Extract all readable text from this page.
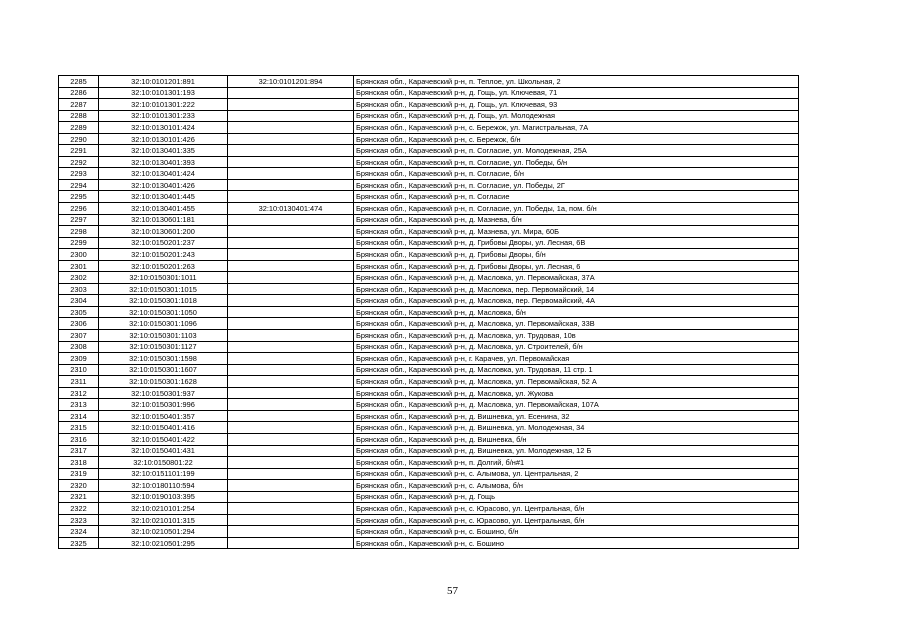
2285	32:10:0101201:891	32:10:0101201:894	Брянская обл., Карачевский р-н, п. Теплое, ул. Школьная, 2
2286	32:10:0101301:193		Брянская обл., Карачевский р-н, д. Гощь, ул. Ключевая, 71
2287	32:10:0101301:222		Брянская обл., Карачевский р-н, д. Гощь, ул. Ключевая, 93
2288	32:10:0101301:233		Брянская обл., Карачевский р-н, д. Гощь, ул. Молодежная
2289	32:10:0130101:424		Брянская обл., Карачевский р-н, с. Бережок, ул. Магистральная, 7А
2290	32:10:0130101:426		Брянская обл., Карачевский р-н, с. Бережок, б/н
2291	32:10:0130401:335		Брянская обл., Карачевский р-н, п. Согласие, ул. Молодежная, 25А
2292	32:10:0130401:393		Брянская обл., Карачевский р-н, п. Согласие, ул. Победы, б/н
2293	32:10:0130401:424		Брянская обл., Карачевский р-н, п. Согласие, б/н
2294	32:10:0130401:426		Брянская обл., Карачевский р-н, п. Согласие, ул. Победы, 2Г
2295	32:10:0130401:445		Брянская обл., Карачевский р-н, п. Согласие
2296	32:10:0130401:455	32:10:0130401:474	Брянская обл., Карачевский р-н, п. Согласие, ул. Победы, 1а, пом. б/н
2297	32:10:0130601:181		Брянская обл., Карачевский р-н, д. Мазнева, б/н
2298	32:10:0130601:200		Брянская обл., Карачевский р-н, д. Мазнева, ул. Мира, 60Б
2299	32:10:0150201:237		Брянская обл., Карачевский р-н, д. Грибовы Дворы, ул. Лесная, 6В
2300	32:10:0150201:243		Брянская обл., Карачевский р-н, д. Грибовы Дворы, б/н
2301	32:10:0150201:263		Брянская обл., Карачевский р-н, д. Грибовы Дворы, ул. Лесная, 6
2302	32:10:0150301:1011		Брянская обл., Карачевский р-н, д. Масловка, ул. Первомайская, 37А
2303	32:10:0150301:1015		Брянская обл., Карачевский р-н, д. Масловка, пер. Первомайский, 14
2304	32:10:0150301:1018		Брянская обл., Карачевский р-н, д. Масловка, пер. Первомайский, 4А
2305	32:10:0150301:1050		Брянская обл., Карачевский р-н, д. Масловка, б/н
2306	32:10:0150301:1096		Брянская обл., Карачевский р-н, д. Масловка, ул. Первомайская, 33В
2307	32:10:0150301:1103		Брянская обл., Карачевский р-н, д. Масловка, ул. Трудовая, 10в
2308	32:10:0150301:1127		Брянская обл., Карачевский р-н, д. Масловка, ул. Строителей, б/н
2309	32:10:0150301:1598		Брянская обл., Карачевский р-н, г. Карачев, ул. Первомайская
2310	32:10:0150301:1607		Брянская обл., Карачевский р-н, д. Масловка, ул. Трудовая, 11 стр. 1
2311	32:10:0150301:1628		Брянская обл., Карачевский р-н, д. Масловка, ул. Первомайская, 52 А
2312	32:10:0150301:937		Брянская обл., Карачевский р-н, д. Масловка, ул. Жукова
2313	32:10:0150301:996		Брянская обл., Карачевский р-н, д. Масловка, ул. Первомайская, 107А
2314	32:10:0150401:357		Брянская обл., Карачевский р-н, д. Вишневка, ул. Есенина, 32
2315	32:10:0150401:416		Брянская обл., Карачевский р-н, д. Вишневка, ул. Молодежная, 34
2316	32:10:0150401:422		Брянская обл., Карачевский р-н, д. Вишневка, б/н
2317	32:10:0150401:431		Брянская обл., Карачевский р-н, д. Вишневка, ул. Молодежная, 12 Б
2318	32:10:0150801:22		Брянская обл., Карачевский р-н, п. Долгий, б/н#1
2319	32:10:0151101:199		Брянская обл., Карачевский р-н, с. Алымова, ул. Центральная, 2
2320	32:10:0180110:594		Брянская обл., Карачевский р-н, с. Алымова, б/н
2321	32:10:0190103:395		Брянская обл., Карачевский р-н, д. Гощь
2322	32:10:0210101:254		Брянская обл., Карачевский р-н, с. Юрасово, ул. Центральная, б/н
2323	32:10:0210101:315		Брянская обл., Карачевский р-н, с. Юрасово, ул. Центральная, б/н
2324	32:10:0210501:294		Брянская обл., Карачевский р-н, с. Бошино, б/н
2325	32:10:0210501:295		Брянская обл., Карачевский р-н, с. Бошино
57
